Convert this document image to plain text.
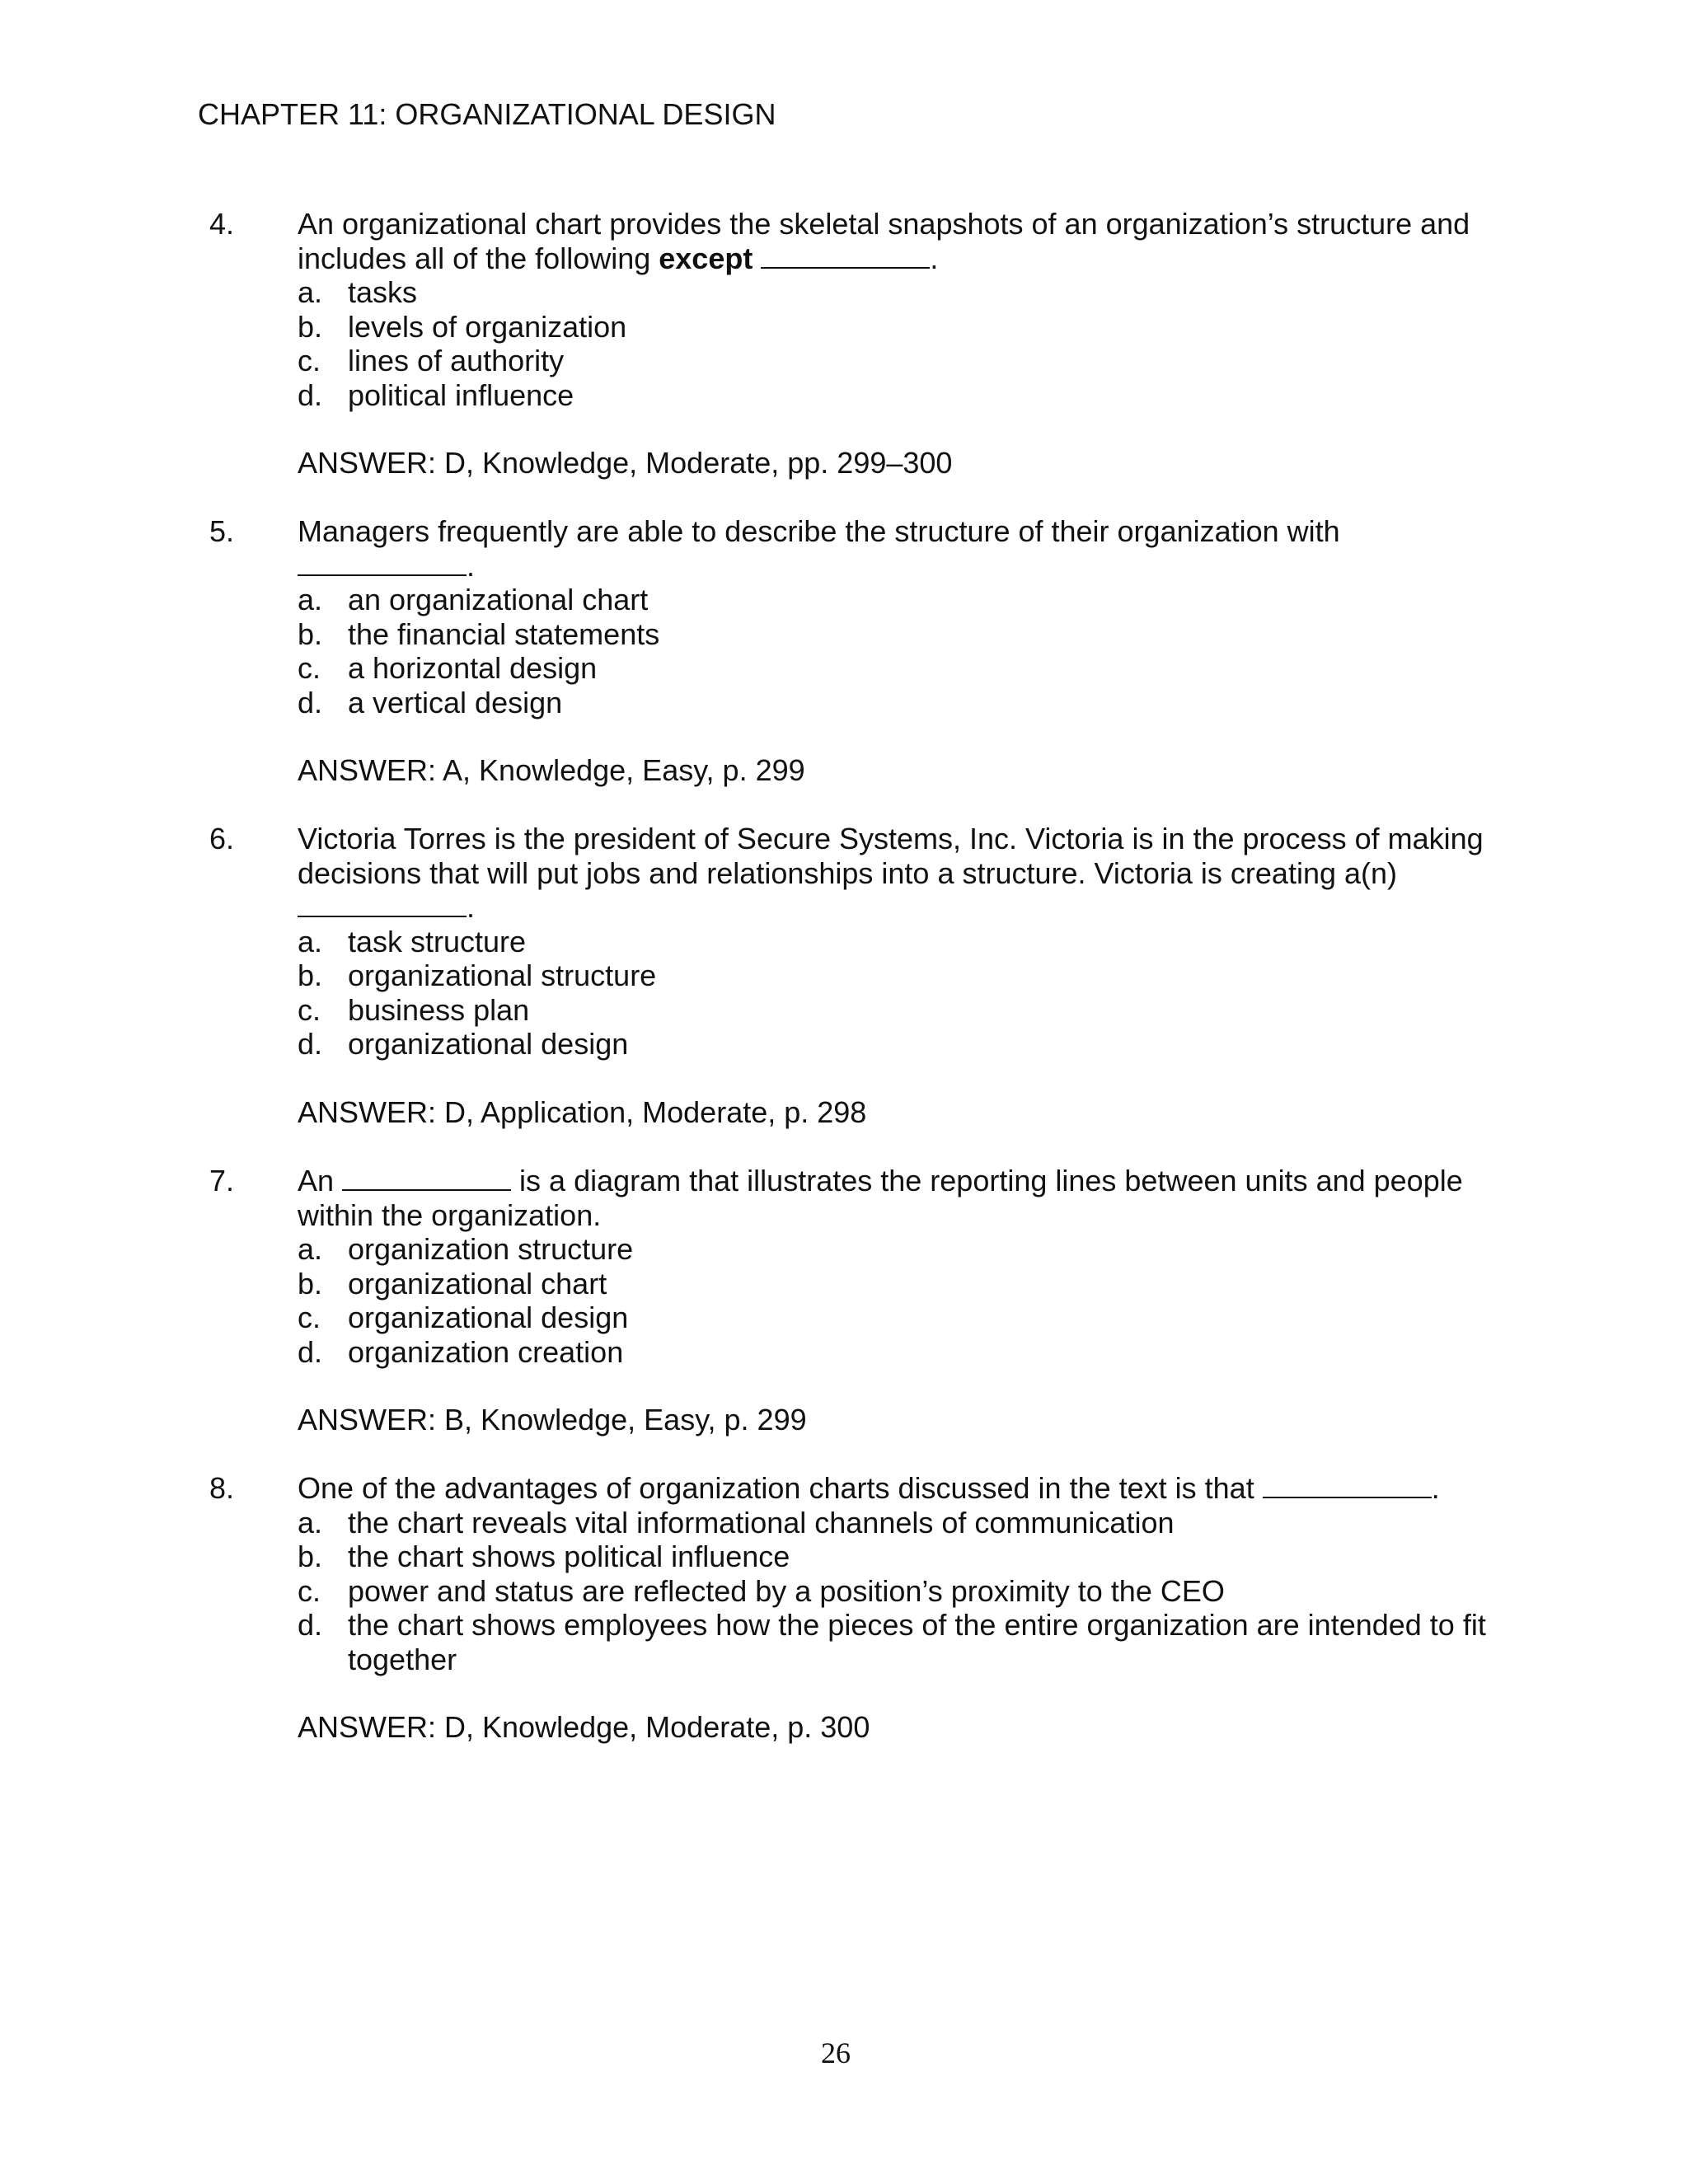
CHAPTER 11: ORGANIZATIONAL DESIGN
4. An organizational chart provides the skeletal snapshots of an organization’s structure and includes all of the following except	.

a. tasks
b. levels of organization
c. lines of authority
d. political influence
ANSWER: D, Knowledge, Moderate, pp. 299–300
5. Managers frequently are able to describe the structure of their organization with
.

a. an organizational chart
b. the financial statements
c. a horizontal design
d. a vertical design
ANSWER: A, Knowledge, Easy, p. 299
6. Victoria Torres is the president of Secure Systems, Inc. Victoria is in the process of making decisions that will put jobs and relationships into a structure. Victoria is creating a(n) .

a. task structure
b. organizational structure
c. business plan
d. organizational design
ANSWER: D, Application, Moderate, p. 298
7. An	is a diagram that illustrates the reporting lines between units and people within the organization.

a. organization structure
b. organizational chart
c. organizational design
d. organization creation
ANSWER: B, Knowledge, Easy, p. 299
8. One of the advantages of organization charts discussed in the text is that	.

a. the chart reveals vital informational channels of communication
b. the chart shows political influence
c. power and status are reflected by a position’s proximity to the CEO
d. the chart shows employees how the pieces of the entire organization are intended to fit together
ANSWER: D, Knowledge, Moderate, p. 300
26
